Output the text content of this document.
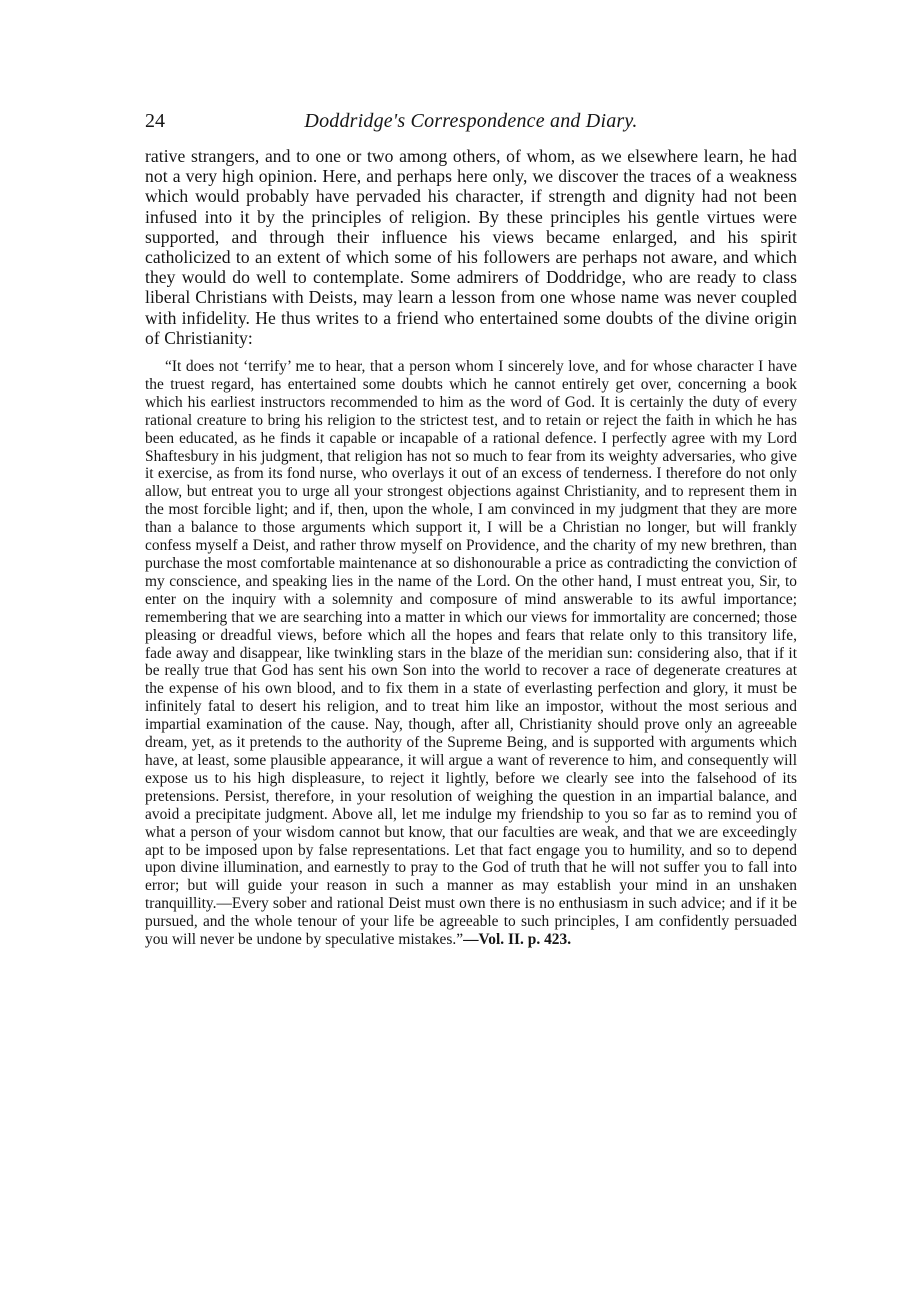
24	Doddridge's Correspondence and Diary.

rative strangers, and to one or two among others, of whom, as we elsewhere learn, he had not a very high opinion. Here, and perhaps here only, we discover the traces of a weakness which would probably have pervaded his character, if strength and dignity had not been infused into it by the principles of religion. By these principles his gentle virtues were supported, and through their influence his views became enlarged, and his spirit catholicized to an extent of which some of his followers are perhaps not aware, and which they would do well to contemplate. Some admirers of Doddridge, who are ready to class liberal Christians with Deists, may learn a lesson from one whose name was never coupled with infidelity. He thus writes to a friend who entertained some doubts of the divine origin of Christianity:

“It does not ‘terrify’ me to hear, that a person whom I sincerely love, and for whose character I have the truest regard, has entertained some doubts which he cannot entirely get over, concerning a book which his earliest instructors recommended to him as the word of God. It is certainly the duty of every rational creature to bring his religion to the strictest test, and to retain or reject the faith in which he has been educated, as he finds it capable or incapable of a rational defence. I perfectly agree with my Lord Shaftesbury in his judgment, that religion has not so much to fear from its weighty adversaries, who give it exercise, as from its fond nurse, who overlays it out of an excess of tenderness. I therefore do not only allow, but entreat you to urge all your strongest objections against Christianity, and to represent them in the most forcible light; and if, then, upon the whole, I am convinced in my judgment that they are more than a balance to those arguments which support it, I will be a Christian no longer, but will frankly confess myself a Deist, and rather throw myself on Providence, and the charity of my new brethren, than purchase the most comfortable maintenance at so dishonourable a price as contradicting the conviction of my conscience, and speaking lies in the name of the Lord. On the other hand, I must entreat you, Sir, to enter on the inquiry with a solemnity and composure of mind answerable to its awful importance; remembering that we are searching into a matter in which our views for immortality are concerned; those pleasing or dreadful views, before which all the hopes and fears that relate only to this transitory life, fade away and disappear, like twinkling stars in the blaze of the meridian sun: considering also, that if it be really true that God has sent his own Son into the world to recover a race of degenerate creatures at the expense of his own blood, and to fix them in a state of everlasting perfection and glory, it must be infinitely fatal to desert his religion, and to treat him like an impostor, without the most serious and impartial examination of the cause. Nay, though, after all, Christianity should prove only an agreeable dream, yet, as it pretends to the authority of the Supreme Being, and is supported with arguments which have, at least, some plausible appearance, it will argue a want of reverence to him, and consequently will expose us to his high displeasure, to reject it lightly, before we clearly see into the falsehood of its pretensions. Persist, therefore, in your resolution of weighing the question in an impartial balance, and avoid a precipitate judgment. Above all, let me indulge my friendship to you so far as to remind you of what a person of your wisdom cannot but know, that our faculties are weak, and that we are exceedingly apt to be imposed upon by false representations. Let that fact engage you to humility, and so to depend upon divine illumination, and earnestly to pray to the God of truth that he will not suffer you to fall into error; but will guide your reason in such a manner as may establish your mind in an unshaken tranquillity.—Every sober and rational Deist must own there is no enthusiasm in such advice; and if it be pursued, and the whole tenour of your life be agreeable to such principles, I am confidently persuaded you will never be undone by speculative mistakes.”—Vol. II. p. 423.
